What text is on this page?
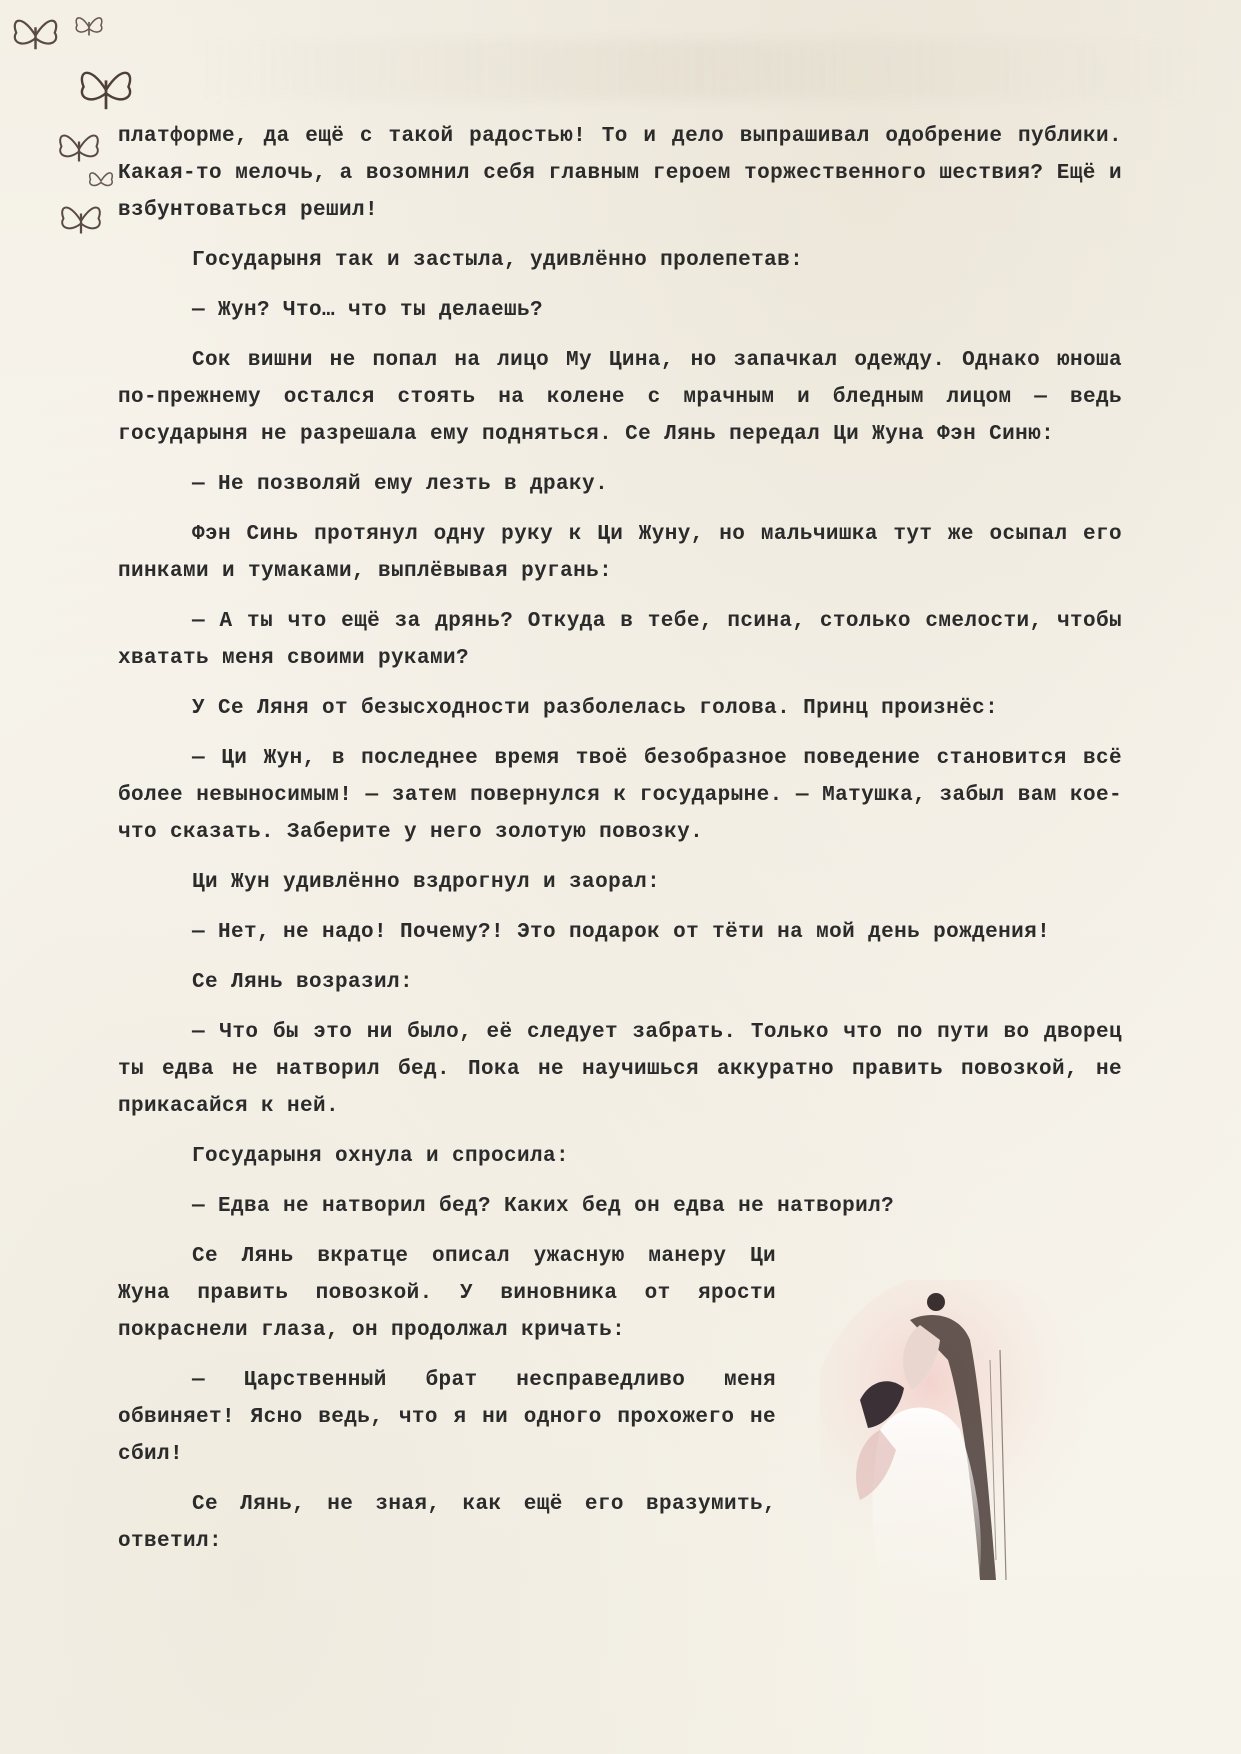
платформе, да ещё с такой радостью! То и дело выпрашивал одобрение публики. Какая-то мелочь, а возомнил себя главным героем торжественного шествия? Ещё и взбунтоваться решил!

Государыня так и застыла, удивлённо пролепетав:

— Жун? Что… что ты делаешь?

Сок вишни не попал на лицо Му Цина, но запачкал одежду. Однако юноша по-прежнему остался стоять на колене с мрачным и бледным лицом — ведь государыня не разрешала ему подняться. Се Лянь передал Ци Жуна Фэн Синю:

— Не позволяй ему лезть в драку.

Фэн Синь протянул одну руку к Ци Жуну, но мальчишка тут же осыпал его пинками и тумаками, выплёвывая ругань:

— А ты что ещё за дрянь? Откуда в тебе, псина, столько смелости, чтобы хватать меня своими руками?

У Се Ляня от безысходности разболелась голова. Принц произнёс:

— Ци Жун, в последнее время твоё безобразное поведение становится всё более невыносимым! — затем повернулся к государыне. — Матушка, забыл вам кое-что сказать. Заберите у него золотую повозку.

Ци Жун удивлённо вздрогнул и заорал:

— Нет, не надо! Почему?! Это подарок от тёти на мой день рождения!

Се Лянь возразил:

— Что бы это ни было, её следует забрать. Только что по пути во дворец ты едва не натворил бед. Пока не научишься аккуратно править повозкой, не прикасайся к ней.

Государыня охнула и спросила:

— Едва не натворил бед? Каких бед он едва не натворил?

Се Лянь вкратце описал ужасную манеру Ци Жуна править повозкой. У виновника от ярости покраснели глаза, он продолжал кричать:

— Царственный брат несправедливо меня обвиняет! Ясно ведь, что я ни одного прохожего не сбил!

Се Лянь, не зная, как ещё его вразумить, ответил:
